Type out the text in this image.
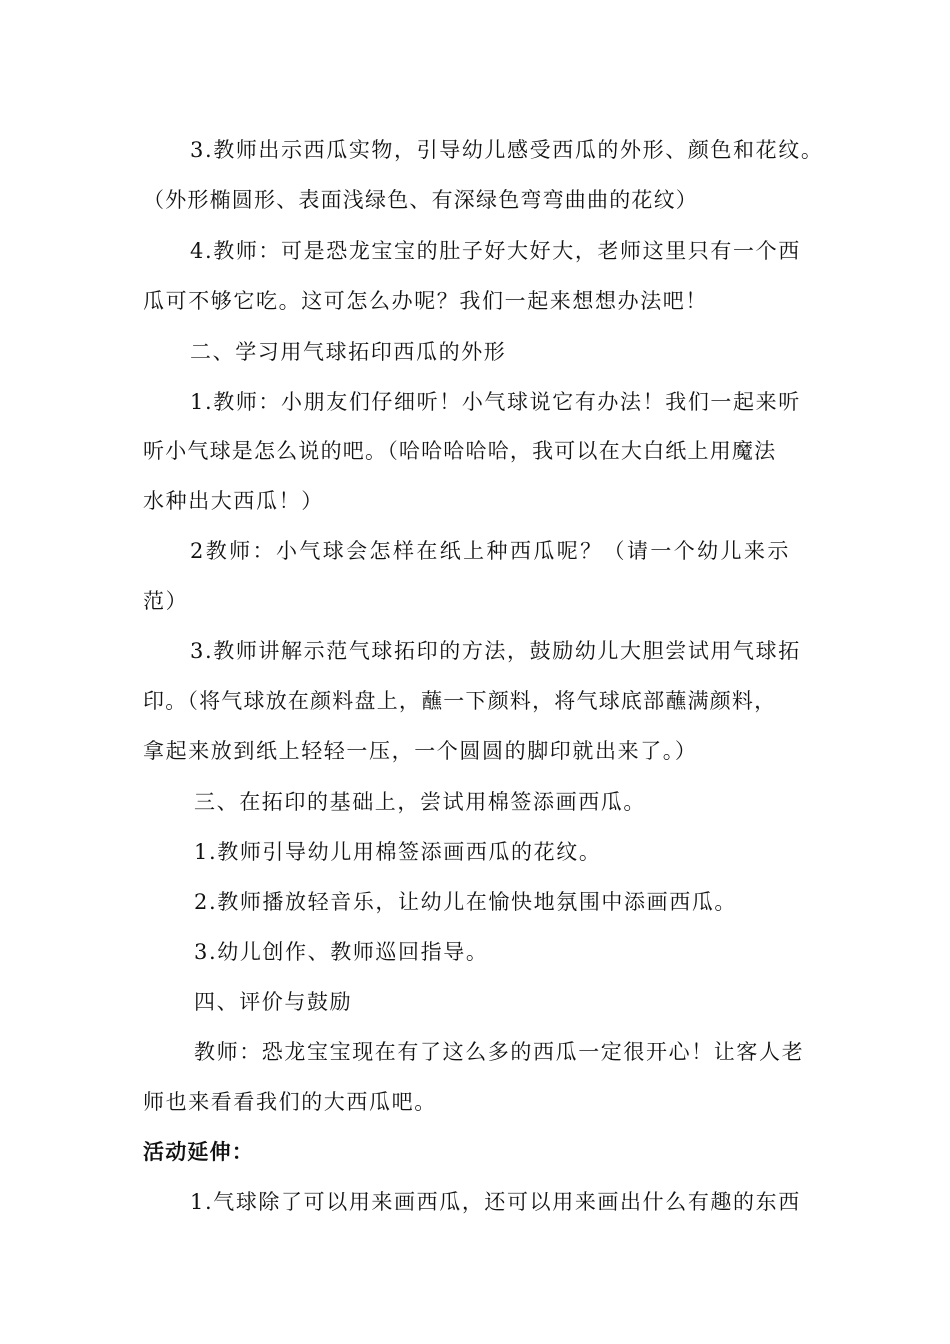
3.教师出示西瓜实物，引导幼儿感受西瓜的外形、颜色和花纹。
（外形椭圆形、表面浅绿色、有深绿色弯弯曲曲的花纹）
4.教师：可是恐龙宝宝的肚子好大好大，老师这里只有一个西
瓜可不够它吃。这可怎么办呢？我们一起来想想办法吧！
二、学习用气球拓印西瓜的外形
1.教师：小朋友们仔细听！小气球说它有办法！我们一起来听
听小气球是怎么说的吧。（哈哈哈哈哈，我可以在大白纸上用魔法
水种出大西瓜！）
2教师：小气球会怎样在纸上种西瓜呢？（请一个幼儿来示
范）
3.教师讲解示范气球拓印的方法，鼓励幼儿大胆尝试用气球拓
印。（将气球放在颜料盘上，蘸一下颜料，将气球底部蘸满颜料，
拿起来放到纸上轻轻一压，一个圆圆的脚印就出来了。）
三、在拓印的基础上，尝试用棉签添画西瓜。
1.教师引导幼儿用棉签添画西瓜的花纹。
2.教师播放轻音乐，让幼儿在愉快地氛围中添画西瓜。
3.幼儿创作、教师巡回指导。
四、评价与鼓励
教师：恐龙宝宝现在有了这么多的西瓜一定很开心！让客人老
师也来看看我们的大西瓜吧。
活动延伸：
1.气球除了可以用来画西瓜，还可以用来画出什么有趣的东西
